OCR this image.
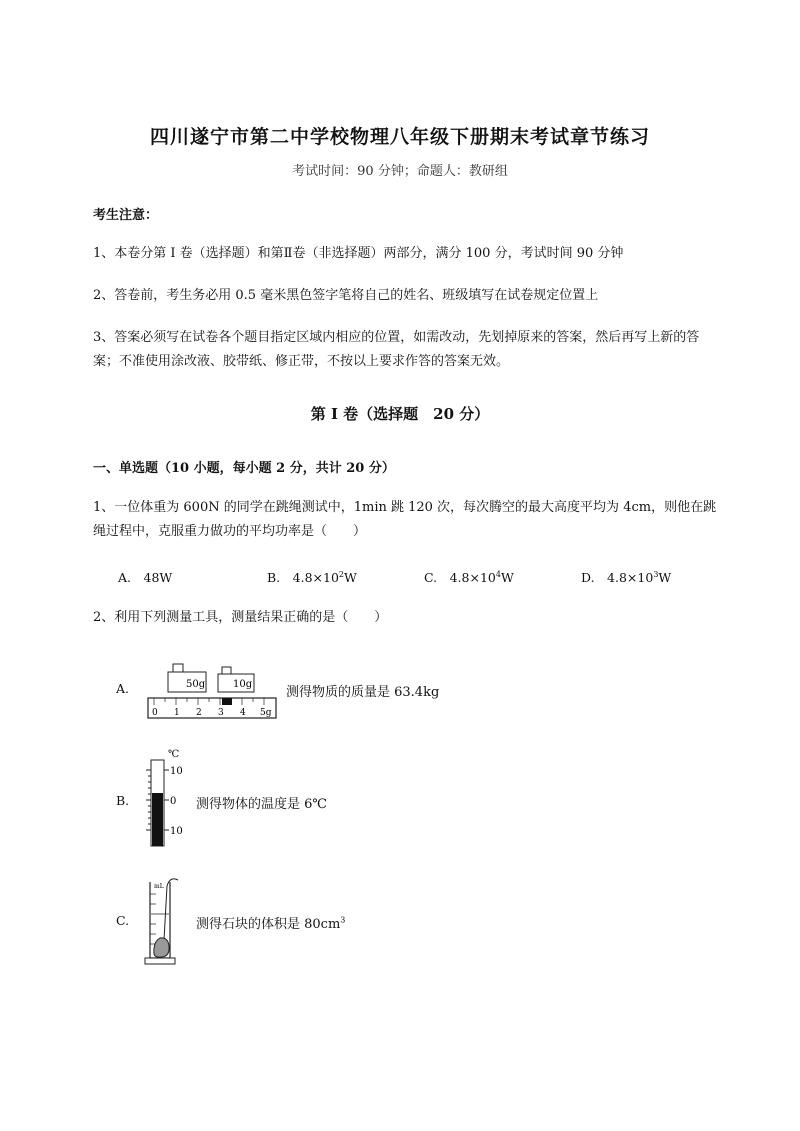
四川遂宁市第二中学校物理八年级下册期末考试章节练习
考试时间：90 分钟；命题人：教研组
考生注意：
1、本卷分第 I 卷（选择题）和第Ⅱ卷（非选择题）两部分，满分 100 分，考试时间 90 分钟
2、答卷前，考生务必用 0.5 毫米黑色签字笔将自己的姓名、班级填写在试卷规定位置上
3、答案必须写在试卷各个题目指定区域内相应的位置，如需改动，先划掉原来的答案，然后再写上新的答案；不准使用涂改液、胶带纸、修正带，不按以上要求作答的答案无效。
第 I 卷（选择题　20 分）
一、单选题（10 小题，每小题 2 分，共计 20 分）
1、一位体重为 600N 的同学在跳绳测试中，1min 跳 120 次，每次腾空的最大高度平均为 4cm，则他在跳绳过程中，克服重力做功的平均功率是（　　）
A.　48W	B.　$4.8\times 10^2W$	C.　$4.8\times 10^4W$	D.　$4.8\times 10^3W$
2、利用下列测量工具，测量结果正确的是（　　）
A.	50g	10g
0 1 2 3 4 5g
测得物质的质量是 63.4kg
B.
℃
10
0
10
测得物体的温度是 6℃
C.
mL
测得石块的体积是 $80cm^3$
